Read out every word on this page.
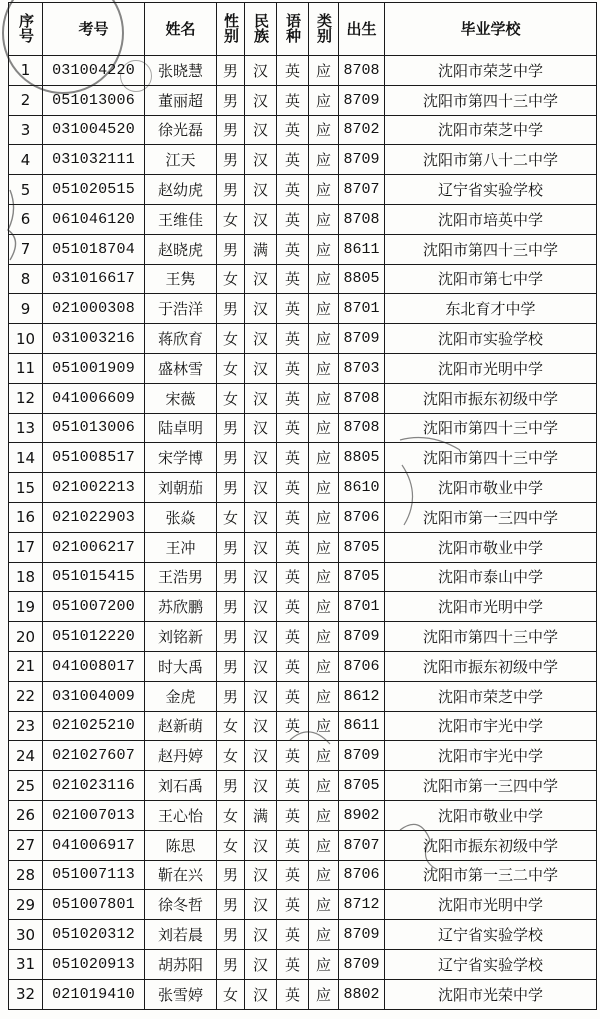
序号	考号	姓名	性别	民族	语种	类别	出生	毕业学校
1	031004220	张晓慧	男	汉	英	应	8708	沈阳市荣芝中学
2	051013006	董丽超	男	汉	英	应	8709	沈阳市第四十三中学
3	031004520	徐光磊	男	汉	英	应	8702	沈阳市荣芝中学
4	031032111	江天	男	汉	英	应	8709	沈阳市第八十二中学
5	051020515	赵幼虎	男	汉	英	应	8707	辽宁省实验学校
6	061046120	王维佳	女	汉	英	应	8708	沈阳市培英中学
7	051018704	赵晓虎	男	满	英	应	8611	沈阳市第四十三中学
8	031016617	王隽	女	汉	英	应	8805	沈阳市第七中学
9	021000308	于浩洋	男	汉	英	应	8701	东北育才中学
10	031003216	蒋欣育	女	汉	英	应	8709	沈阳市实验学校
11	051001909	盛林雪	女	汉	英	应	8703	沈阳市光明中学
12	041006609	宋薇	女	汉	英	应	8708	沈阳市振东初级中学
13	051013006	陆卓明	男	汉	英	应	8708	沈阳市第四十三中学
14	051008517	宋学博	男	汉	英	应	8805	沈阳市第四十三中学
15	021002213	刘朝茄	男	汉	英	应	8610	沈阳市敬业中学
16	021022903	张焱	女	汉	英	应	8706	沈阳市第一三四中学
17	021006217	王冲	男	汉	英	应	8705	沈阳市敬业中学
18	051015415	王浩男	男	汉	英	应	8705	沈阳市泰山中学
19	051007200	苏欣鹏	男	汉	英	应	8701	沈阳市光明中学
20	051012220	刘铭新	男	汉	英	应	8709	沈阳市第四十三中学
21	041008017	时大禹	男	汉	英	应	8706	沈阳市振东初级中学
22	031004009	金虎	男	汉	英	应	8612	沈阳市荣芝中学
23	021025210	赵新萌	女	汉	英	应	8611	沈阳市宇光中学
24	021027607	赵丹婷	女	汉	英	应	8709	沈阳市宇光中学
25	021023116	刘石禹	男	汉	英	应	8705	沈阳市第一三四中学
26	021007013	王心怡	女	满	英	应	8902	沈阳市敬业中学
27	041006917	陈思	女	汉	英	应	8707	沈阳市振东初级中学
28	051007113	靳在兴	男	汉	英	应	8706	沈阳市第一三二中学
29	051007801	徐冬哲	男	汉	英	应	8712	沈阳市光明中学
30	051020312	刘若晨	男	汉	英	应	8709	辽宁省实验学校
31	051020913	胡苏阳	男	汉	英	应	8709	辽宁省实验学校
32	021019410	张雪婷	女	汉	英	应	8802	沈阳市光荣中学
